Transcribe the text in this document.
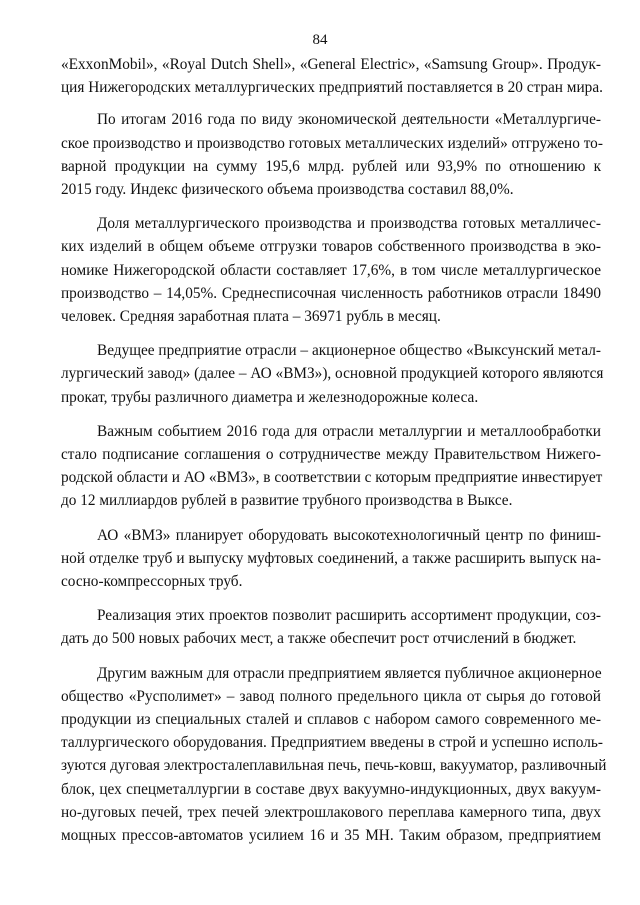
84
«ExxonMobil», «Royal Dutch Shell», «General Electric», «Samsung Group». Продук-
ция Нижегородских металлургических предприятий поставляется в 20 стран мира.
По итогам 2016 года по виду экономической деятельности «Металлургиче-
ское производство и производство готовых металлических изделий» отгружено то-
варной продукции на сумму 195,6 млрд. рублей или 93,9% по отношению к
2015 году. Индекс физического объема производства составил 88,0%.
Доля металлургического производства и производства готовых металличес-
ких изделий в общем объеме отгрузки товаров собственного производства в эко-
номике Нижегородской области составляет 17,6%, в том числе металлургическое
производство – 14,05%. Среднесписочная численность работников отрасли 18490
человек. Средняя заработная плата – 36971 рубль в месяц.
Ведущее предприятие отрасли – акционерное общество «Выксунский метал-
лургический завод» (далее – АО «ВМЗ»), основной продукцией которого являются
прокат, трубы различного диаметра и железнодорожные колеса.
Важным событием 2016 года для отрасли металлургии и металлообработки
стало подписание соглашения о сотрудничестве между Правительством Нижего-
родской области и АО «ВМЗ», в соответствии с которым предприятие инвестирует
до 12 миллиардов рублей в развитие трубного производства в Выксе.
АО «ВМЗ» планирует оборудовать высокотехнологичный центр по финиш-
ной отделке труб и выпуску муфтовых соединений, а также расширить выпуск на-
сосно-компрессорных труб.
Реализация этих проектов позволит расширить ассортимент продукции, соз-
дать до 500 новых рабочих мест, а также обеспечит рост отчислений в бюджет.
Другим важным для отрасли предприятием является публичное акционерное
общество «Русполимет» – завод полного предельного цикла от сырья до готовой
продукции из специальных сталей и сплавов с набором самого современного ме-
таллургического оборудования. Предприятием введены в строй и успешно исполь-
зуются дуговая электросталеплавильная печь, печь-ковш, вакууматор, разливочный
блок, цех спецметаллургии в составе двух вакуумно-индукционных, двух вакуум-
но-дуговых печей, трех печей электрошлакового переплава камерного типа, двух
мощных прессов-автоматов усилием 16 и 35 МН. Таким образом, предприятием
